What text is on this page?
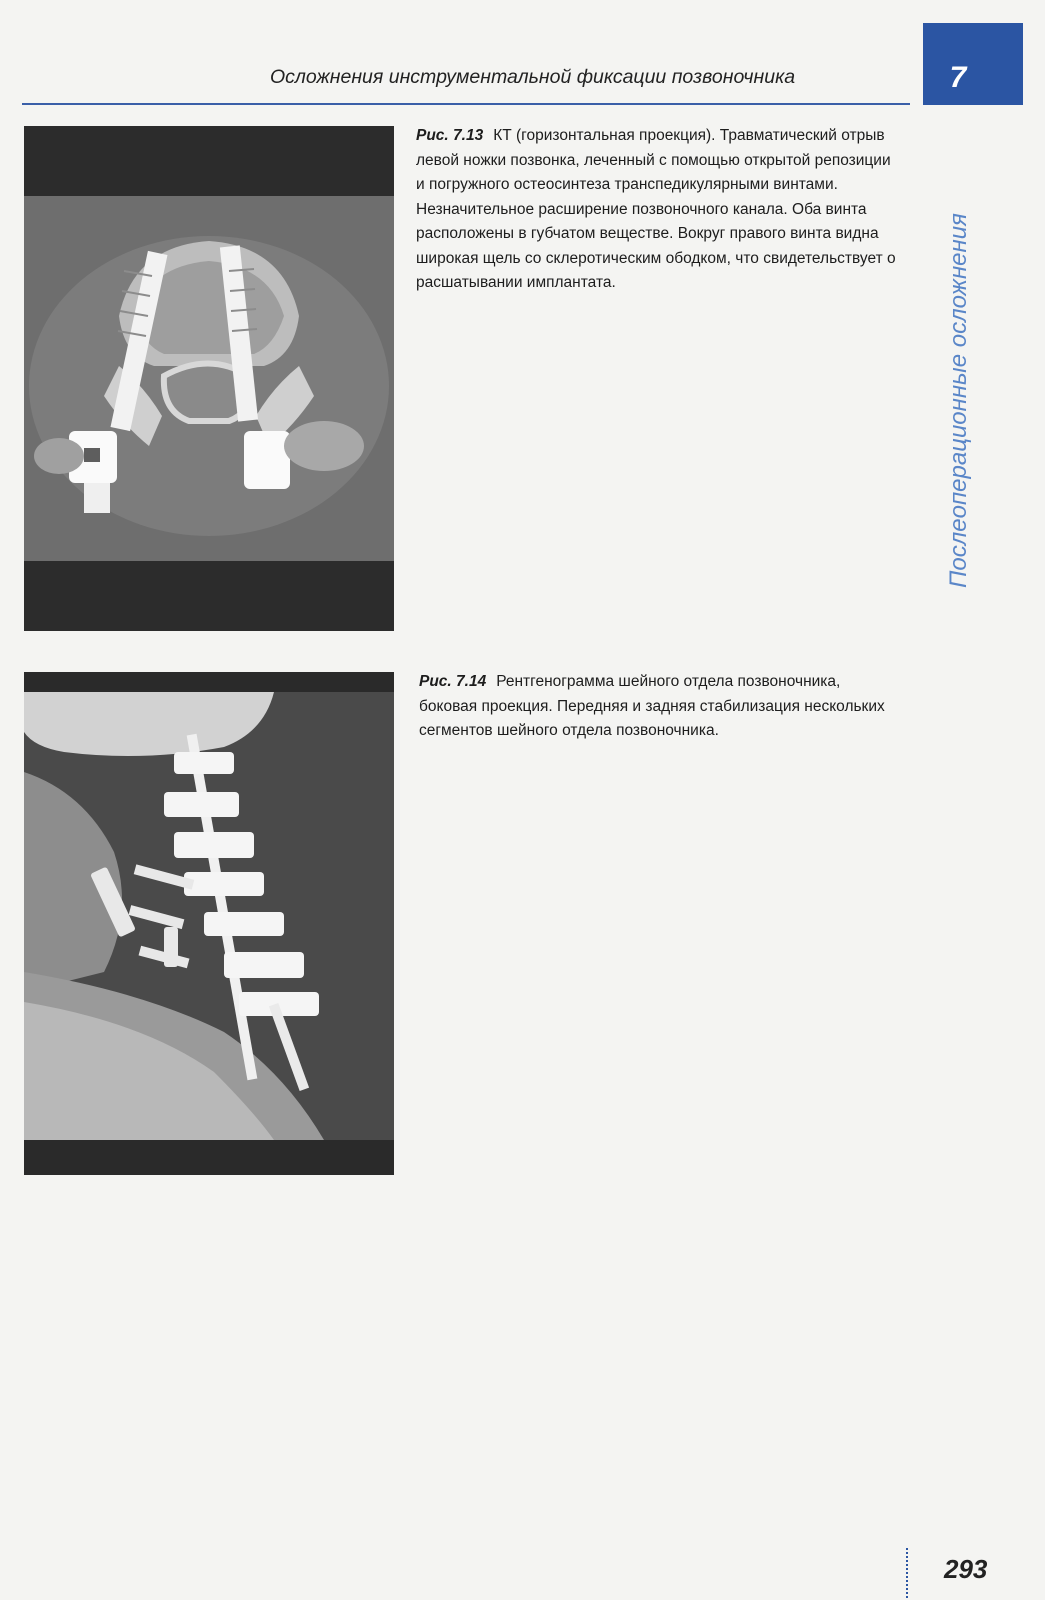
Осложнения инструментальной фиксации позвоночника	7
Послеоперационные осложнения
Рис. 7.13 КТ (горизонтальная проекция). Травматический отрыв левой ножки позвонка, леченный с помощью открытой репозиции и погружного остеосинтеза транспедикулярными винтами. Незначительное расширение позвоночного канала. Оба винта расположены в губчатом веществе. Вокруг правого винта видна широкая щель со склеротическим ободком, что свидетельствует о расшатывании имплантата.
Рис. 7.14 Рентгенограмма шейного отдела позвоночника, боковая проекция. Передняя и задняя стабилизация нескольких сегментов шейного отдела позвоночника.
293
